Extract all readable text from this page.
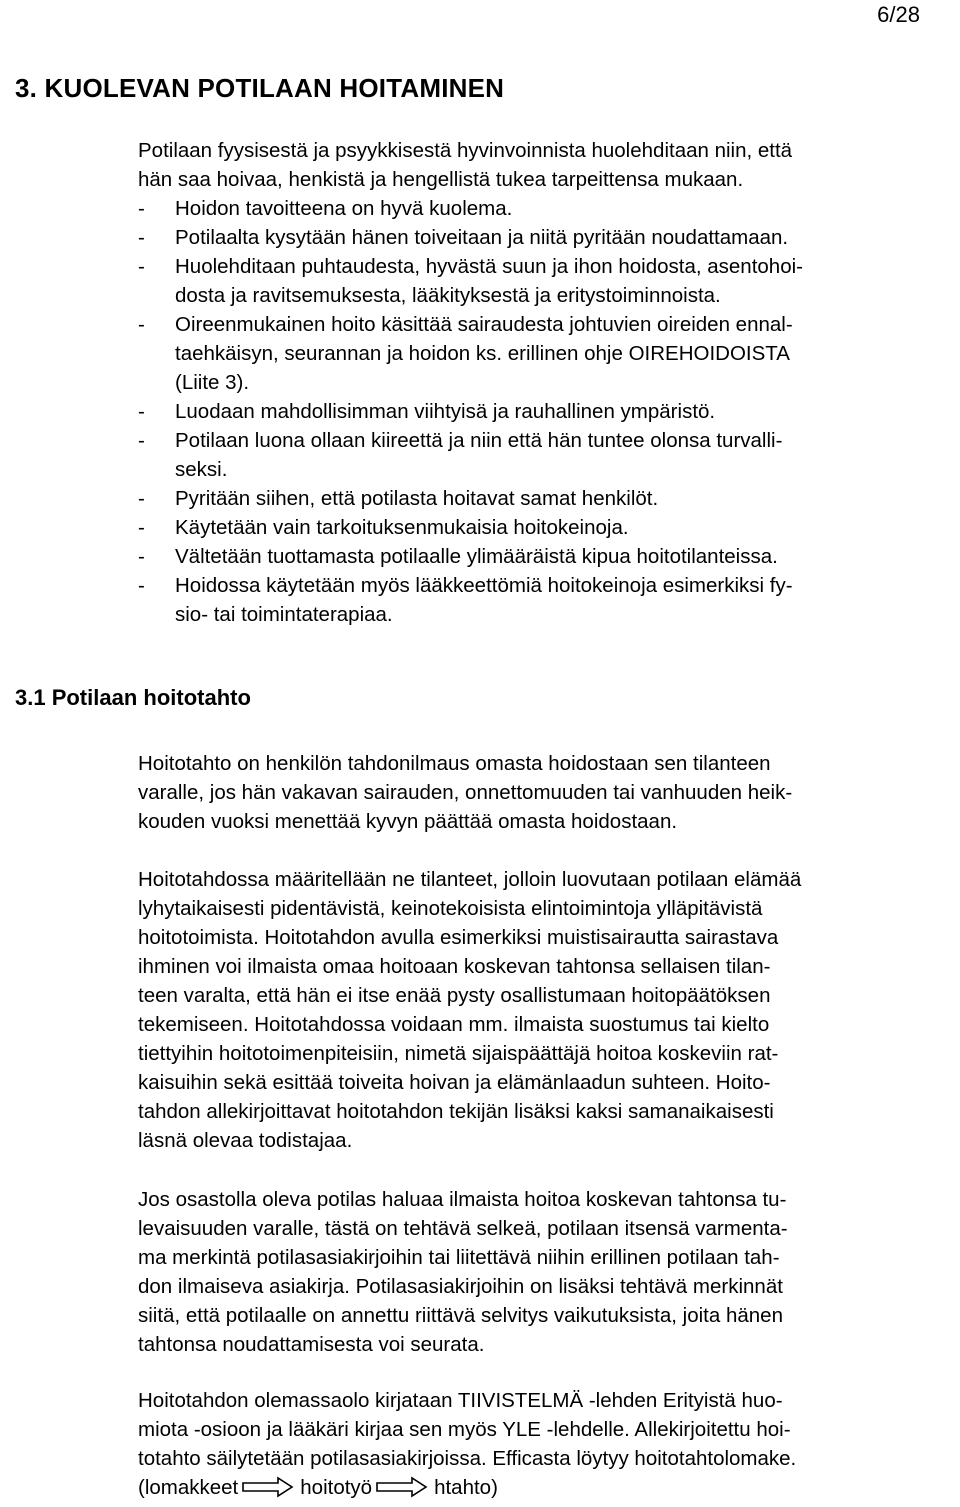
6/28
3. KUOLEVAN POTILAAN HOITAMINEN
Potilaan fyysisestä ja psyykkisestä hyvinvoinnista huolehditaan niin, että
hän saa hoivaa, henkistä ja hengellistä tukea tarpeittensa mukaan.
- Hoidon tavoitteena on hyvä kuolema.
- Potilaalta kysytään hänen toiveitaan ja niitä pyritään noudattamaan.
- Huolehditaan puhtaudesta, hyvästä suun ja ihon hoidosta, asentohoi-
dosta ja ravitsemuksesta, lääkityksestä ja eritystoiminnoista.
- Oireenmukainen hoito käsittää sairaudesta johtuvien oireiden ennal-
taehkäisyn, seurannan ja hoidon ks. erillinen ohje OIREHOIDOISTA
(Liite 3).
- Luodaan mahdollisimman viihtyisä ja rauhallinen ympäristö.
- Potilaan luona ollaan kiireettä ja niin että hän tuntee olonsa turvalli-
seksi.
- Pyritään siihen, että potilasta hoitavat samat henkilöt.
- Käytetään vain tarkoituksenmukaisia hoitokeinoja.
- Vältetään tuottamasta potilaalle ylimääräistä kipua hoitotilanteissa.
- Hoidossa käytetään myös lääkkeettömiä hoitokeinoja esimerkiksi fy-
sio- tai toimintaterapiaa.
3.1 Potilaan hoitotahto
Hoitotahto on henkilön tahdonilmaus omasta hoidostaan sen tilanteen
varalle, jos hän vakavan sairauden, onnettomuuden tai vanhuuden heik-
kouden vuoksi menettää kyvyn päättää omasta hoidostaan.
Hoitotahdossa määritellään ne tilanteet, jolloin luovutaan potilaan elämää
lyhytaikaisesti pidentävistä, keinotekoisista elintoimintoja ylläpitävistä
hoitotoimista. Hoitotahdon avulla esimerkiksi muistisairautta sairastava
ihminen voi ilmaista omaa hoitoaan koskevan tahtonsa sellaisen tilan-
teen varalta, että hän ei itse enää pysty osallistumaan hoitopäätöksen
tekemiseen. Hoitotahdossa voidaan mm. ilmaista suostumus tai kielto
tiettyihin hoitotoimenpiteisiin, nimetä sijaispäättäjä hoitoa koskeviin rat-
kaisuihin sekä esittää toiveita hoivan ja elämänlaadun suhteen. Hoito-
tahdon allekirjoittavat hoitotahdon tekijän lisäksi kaksi samanaikaisesti
läsnä olevaa todistajaa.
Jos osastolla oleva potilas haluaa ilmaista hoitoa koskevan tahtonsa tu-
levaisuuden varalle, tästä on tehtävä selkeä, potilaan itsensä varmenta-
ma merkintä potilasasiakirjoihin tai liitettävä niihin erillinen potilaan tah-
don ilmaiseva asiakirja. Potilasasiakirjoihin on lisäksi tehtävä merkinnät
siitä, että potilaalle on annettu riittävä selvitys vaikutuksista, joita hänen
tahtonsa noudattamisesta voi seurata.
Hoitotahdon olemassaolo kirjataan TIIVISTELMÄ -lehden Erityistä huo-
miota -osioon ja lääkäri kirjaa sen myös YLE -lehdelle. Allekirjoitettu hoi-
totahto säilytetään potilasasiakirjoissa. Efficasta löytyy hoitotahtolomake.
(lomakkeet	hoitotyö	htahto)
